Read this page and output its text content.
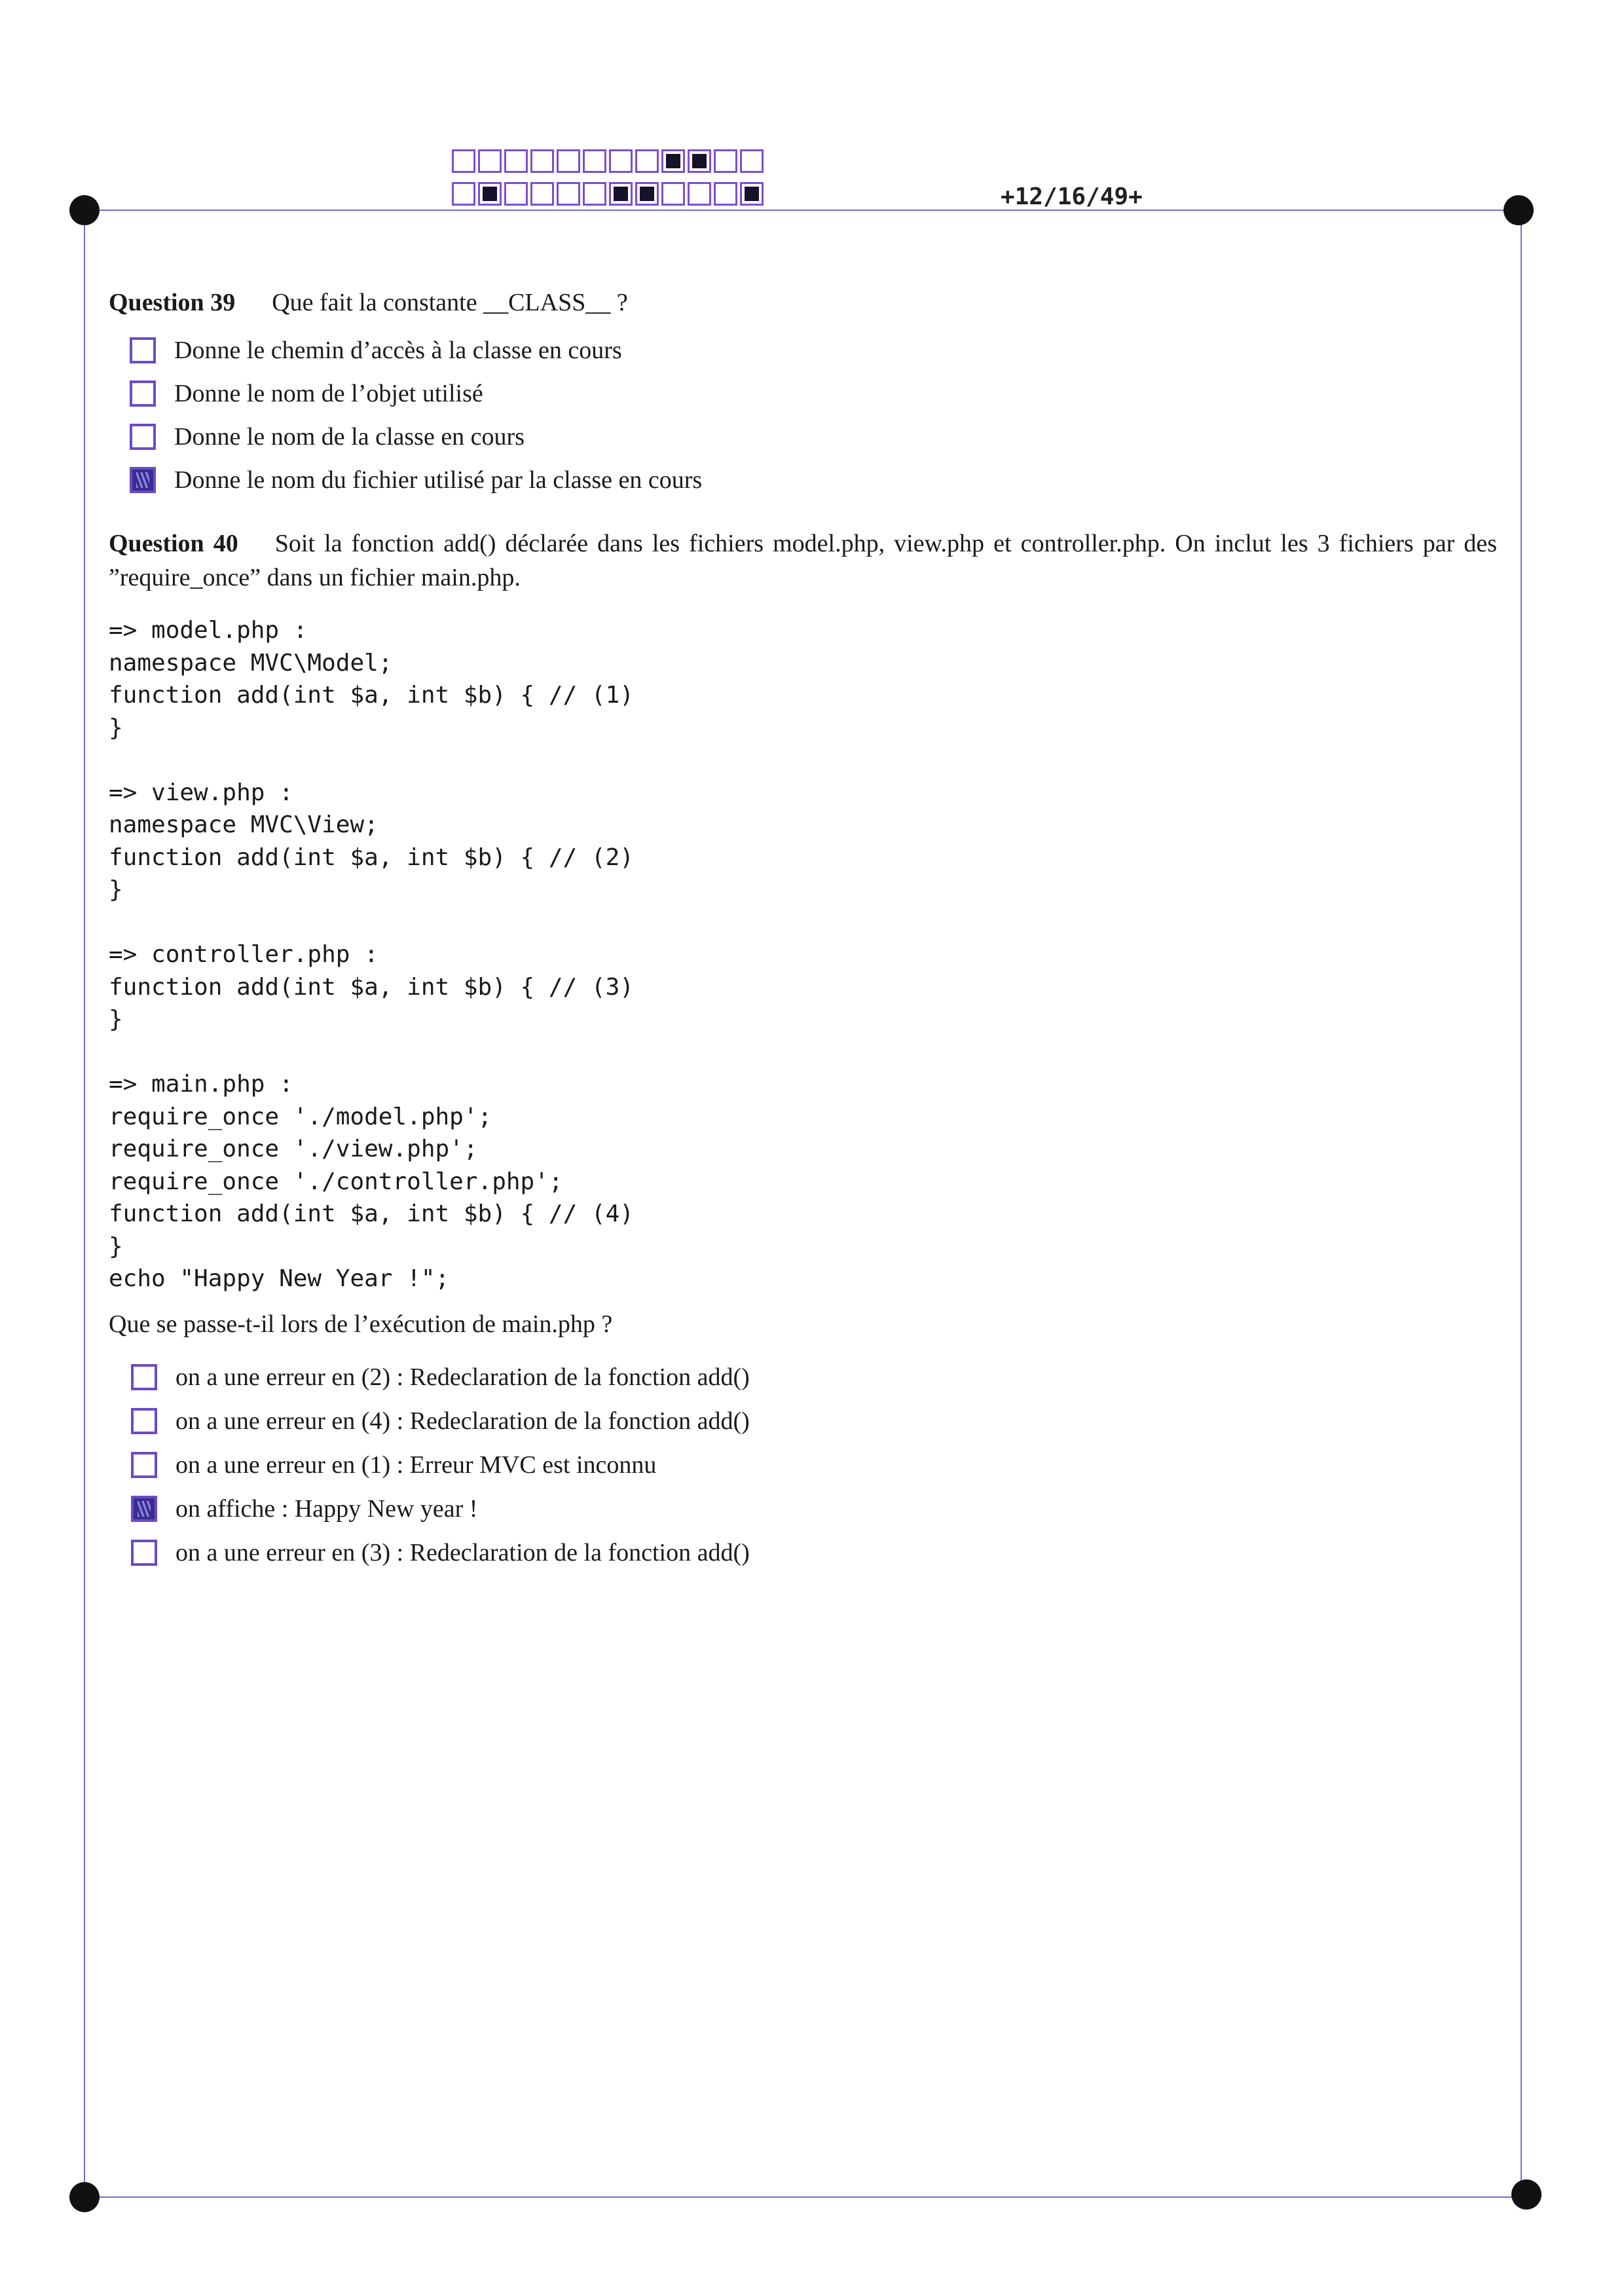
+12/16/49+
Question 39 Que fait la constante __CLASS__ ?
Donne le chemin d’accès à la classe en cours
Donne le nom de l’objet utilisé
Donne le nom de la classe en cours
Donne le nom du fichier utilisé par la classe en cours
Question 40 Soit la fonction add() déclarée dans les fichiers model.php, view.php et controller.php. On inclut les 3 fichiers par des ”require_once” dans un fichier main.php.
=> model.php :
namespace MVC\Model;
function add(int $a, int $b) { // (1)
}
=> view.php :
namespace MVC\View;
function add(int $a, int $b) { // (2)
}
=> controller.php :
function add(int $a, int $b) { // (3)
}
=> main.php :
require_once './model.php';
require_once './view.php';
require_once './controller.php';
function add(int $a, int $b) { // (4)
}
echo "Happy New Year !";
Que se passe-t-il lors de l’exécution de main.php ?
on a une erreur en (2) : Redeclaration de la fonction add()
on a une erreur en (4) : Redeclaration de la fonction add()
on a une erreur en (1) : Erreur MVC est inconnu
on affiche : Happy New year !
on a une erreur en (3) : Redeclaration de la fonction add()
